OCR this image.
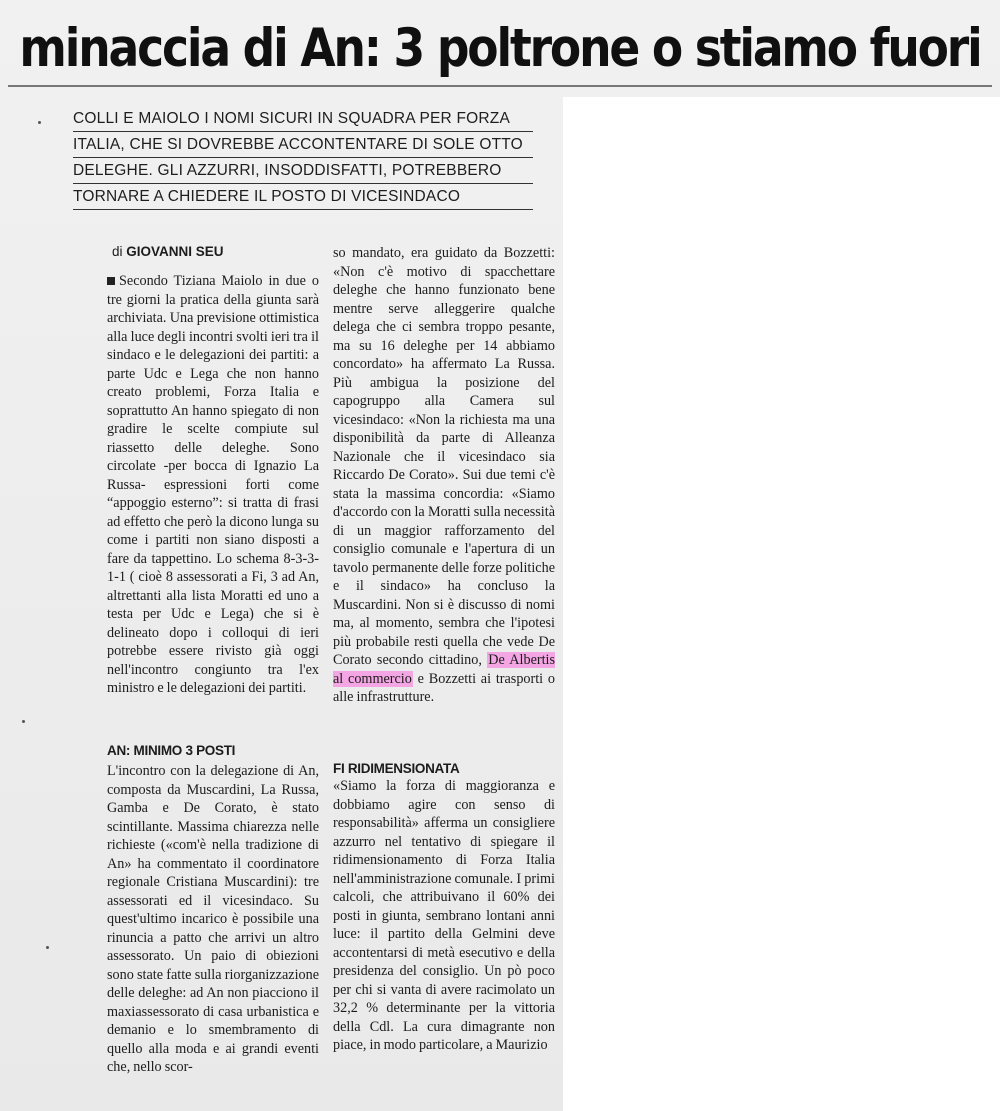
minaccia di An: 3 poltrone o stiamo fuori
COLLI E MAIOLO I NOMI SICURI IN SQUADRA PER FORZA
ITALIA, CHE SI DOVREBBE ACCONTENTARE DI SOLE OTTO
DELEGHE. GLI AZZURRI, INSODDISFATTI, POTREBBERO
TORNARE A CHIEDERE IL POSTO DI VICESINDACO
di GIOVANNI SEU
Secondo Tiziana Maiolo in due o tre giorni la pratica della giunta sarà archiviata. Una previsione ottimistica alla luce degli incontri svolti ieri tra il sindaco e le delegazioni dei partiti: a parte Udc e Lega che non hanno creato problemi, Forza Italia e soprattutto An hanno spiegato di non gradire le scelte compiute sul riassetto delle deleghe. Sono circolate -per bocca di Ignazio La Russa- espressioni forti come “appoggio esterno”: si tratta di frasi ad effetto che però la dicono lunga su come i partiti non siano disposti a fare da tappettino. Lo schema 8-3-3-1-1 ( cioè 8 assessorati a Fi, 3 ad An, altrettanti alla lista Moratti ed uno a testa per Udc e Lega) che si è delineato dopo i colloqui di ieri potrebbe essere rivisto già oggi nell'incontro congiunto tra l'ex ministro e le delegazioni dei partiti.
AN: MINIMO 3 POSTI
L'incontro con la delegazione di An, composta da Muscardini, La Russa, Gamba e De Corato, è stato scintillante. Massima chiarezza nelle richieste («com'è nella tradizione di An» ha commentato il coordinatore regionale Cristiana Muscardini): tre assessorati ed il vicesindaco. Su quest'ultimo incarico è possibile una rinuncia a patto che arrivi un altro assessorato. Un paio di obiezioni sono state fatte sulla riorganizzazione delle deleghe: ad An non piacciono il maxiassessorato di casa urbanistica e demanio e lo smembramento di quello alla moda e ai grandi eventi che, nello scor-
so mandato, era guidato da Bozzetti: «Non c'è motivo di spacchettare deleghe che hanno funzionato bene mentre serve alleggerire qualche delega che ci sembra troppo pesante, ma su 16 deleghe per 14 abbiamo concordato» ha affermato La Russa. Più ambigua la posizione del capogruppo alla Camera sul vicesindaco: «Non la richiesta ma una disponibilità da parte di Alleanza Nazionale che il vicesindaco sia Riccardo De Corato». Sui due temi c'è stata la massima concordia: «Siamo d'accordo con la Moratti sulla necessità di un maggior rafforzamento del consiglio comunale e l'apertura di un tavolo permanente delle forze politiche e il sindaco» ha concluso la Muscardini. Non si è discusso di nomi ma, al momento, sembra che l'ipotesi più probabile resti quella che vede De Corato secondo cittadino, De Albertis al commercio e Bozzetti ai trasporti o alle infrastrutture.
FI RIDIMENSIONATA
«Siamo la forza di maggioranza e dobbiamo agire con senso di responsabilità» afferma un consigliere azzurro nel tentativo di spiegare il ridimensionamento di Forza Italia nell'amministrazione comunale. I primi calcoli, che attribuivano il 60% dei posti in giunta, sembrano lontani anni luce: il partito della Gelmini deve accontentarsi di metà esecutivo e della presidenza del consiglio. Un pò poco per chi si vanta di avere racimolato un 32,2 % determinante per la vittoria della Cdl. La cura dimagrante non piace, in modo particolare, a Maurizio
